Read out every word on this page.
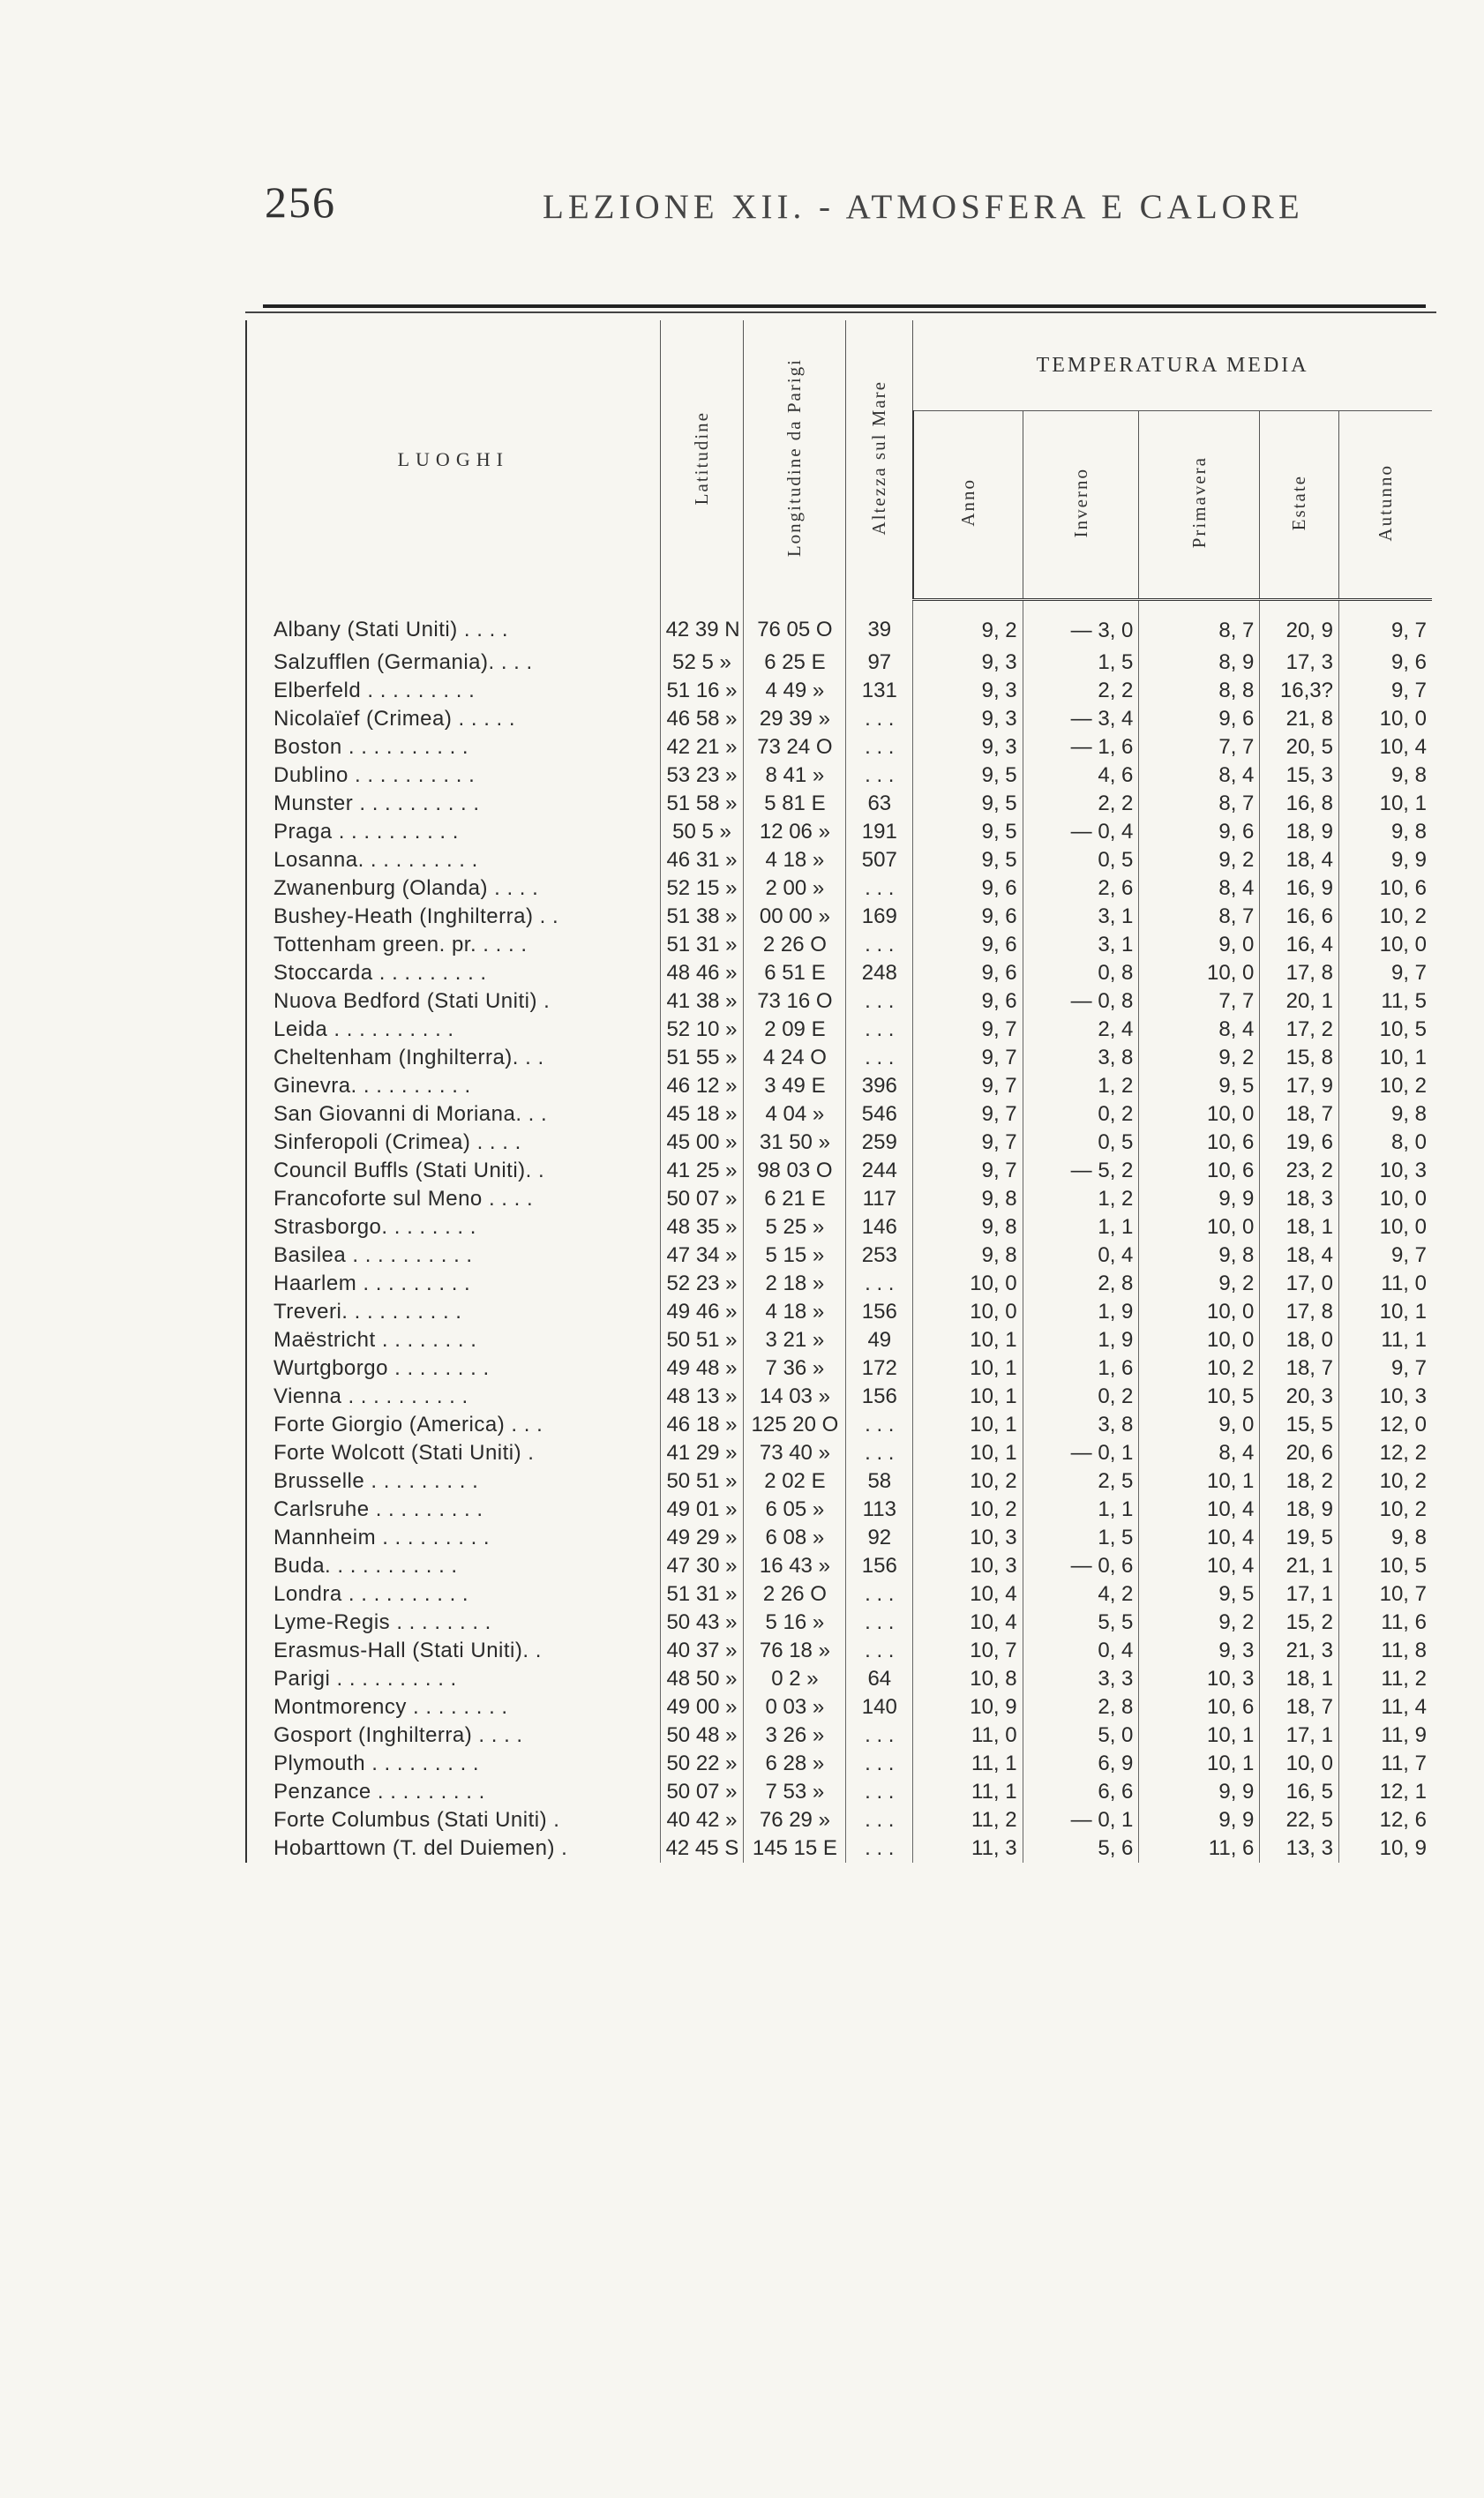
256	LEZIONE XII. - ATMOSFERA E CALORE
LUOGHI	Latitudine	Longitudine da Parigi	Altezza sul Mare	TEMPERATURA MEDIA				
				Anno	Inverno	Primavera	Estate	Autunno
Albany (Stati Uniti) . . . .	42 39 N	76 05 O	39	9, 2	— 3, 0	8, 7	20, 9	9, 7
Salzufflen (Germania). . . .	52 5 »	6 25 E	97	9, 3	1, 5	8, 9	17, 3	9, 6
Elberfeld . . . . . . . . .	51 16 »	4 49 »	131	9, 3	2, 2	8, 8	16,3?	9, 7
Nicolaïef (Crimea) . . . . .	46 58 »	29 39 »	. . .	9, 3	— 3, 4	9, 6	21, 8	10, 0
Boston . . . . . . . . . .	42 21 »	73 24 O	. . .	9, 3	— 1, 6	7, 7	20, 5	10, 4
Dublino . . . . . . . . . .	53 23 »	8 41 »	. . .	9, 5	4, 6	8, 4	15, 3	9, 8
Munster . . . . . . . . . .	51 58 »	5 81 E	63	9, 5	2, 2	8, 7	16, 8	10, 1
Praga . . . . . . . . . .	50 5 »	12 06 »	191	9, 5	— 0, 4	9, 6	18, 9	9, 8
Losanna. . . . . . . . . .	46 31 »	4 18 »	507	9, 5	0, 5	9, 2	18, 4	9, 9
Zwanenburg (Olanda) . . . .	52 15 »	2 00 »	. . .	9, 6	2, 6	8, 4	16, 9	10, 6
Bushey-Heath (Inghilterra) . .	51 38 »	00 00 »	169	9, 6	3, 1	8, 7	16, 6	10, 2
Tottenham green. pr. . . . .	51 31 »	2 26 O	. . .	9, 6	3, 1	9, 0	16, 4	10, 0
Stoccarda . . . . . . . . .	48 46 »	6 51 E	248	9, 6	0, 8	10, 0	17, 8	9, 7
Nuova Bedford (Stati Uniti) .	41 38 »	73 16 O	. . .	9, 6	— 0, 8	7, 7	20, 1	11, 5
Leida . . . . . . . . . .	52 10 »	2 09 E	. . .	9, 7	2, 4	8, 4	17, 2	10, 5
Cheltenham (Inghilterra). . .	51 55 »	4 24 O	. . .	9, 7	3, 8	9, 2	15, 8	10, 1
Ginevra. . . . . . . . . .	46 12 »	3 49 E	396	9, 7	1, 2	9, 5	17, 9	10, 2
San Giovanni di Moriana. . .	45 18 »	4 04 »	546	9, 7	0, 2	10, 0	18, 7	9, 8
Sinferopoli (Crimea) . . . .	45 00 »	31 50 »	259	9, 7	0, 5	10, 6	19, 6	8, 0
Council Buffls (Stati Uniti). .	41 25 »	98 03 O	244	9, 7	— 5, 2	10, 6	23, 2	10, 3
Francoforte sul Meno . . . .	50 07 »	6 21 E	117	9, 8	1, 2	9, 9	18, 3	10, 0
Strasborgo. . . . . . . .	48 35 »	5 25 »	146	9, 8	1, 1	10, 0	18, 1	10, 0
Basilea . . . . . . . . . .	47 34 »	5 15 »	253	9, 8	0, 4	9, 8	18, 4	9, 7
Haarlem . . . . . . . . .	52 23 »	2 18 »	. . .	10, 0	2, 8	9, 2	17, 0	11, 0
Treveri. . . . . . . . . .	49 46 »	4 18 »	156	10, 0	1, 9	10, 0	17, 8	10, 1
Maëstricht . . . . . . . .	50 51 »	3 21 »	49	10, 1	1, 9	10, 0	18, 0	11, 1
Wurtgborgo . . . . . . . .	49 48 »	7 36 »	172	10, 1	1, 6	10, 2	18, 7	9, 7
Vienna . . . . . . . . . .	48 13 »	14 03 »	156	10, 1	0, 2	10, 5	20, 3	10, 3
Forte Giorgio (America) . . .	46 18 »	125 20 O	. . .	10, 1	3, 8	9, 0	15, 5	12, 0
Forte Wolcott (Stati Uniti) .	41 29 »	73 40 »	. . .	10, 1	— 0, 1	8, 4	20, 6	12, 2
Brusselle . . . . . . . . .	50 51 »	2 02 E	58	10, 2	2, 5	10, 1	18, 2	10, 2
Carlsruhe . . . . . . . . .	49 01 »	6 05 »	113	10, 2	1, 1	10, 4	18, 9	10, 2
Mannheim . . . . . . . . .	49 29 »	6 08 »	92	10, 3	1, 5	10, 4	19, 5	9, 8
Buda. . . . . . . . . . .	47 30 »	16 43 »	156	10, 3	— 0, 6	10, 4	21, 1	10, 5
Londra . . . . . . . . . .	51 31 »	2 26 O	. . .	10, 4	4, 2	9, 5	17, 1	10, 7
Lyme-Regis . . . . . . . .	50 43 »	5 16 »	. . .	10, 4	5, 5	9, 2	15, 2	11, 6
Erasmus-Hall (Stati Uniti). .	40 37 »	76 18 »	. . .	10, 7	0, 4	9, 3	21, 3	11, 8
Parigi . . . . . . . . . .	48 50 »	0 2 »	64	10, 8	3, 3	10, 3	18, 1	11, 2
Montmorency . . . . . . . .	49 00 »	0 03 »	140	10, 9	2, 8	10, 6	18, 7	11, 4
Gosport (Inghilterra) . . . .	50 48 »	3 26 »	. . .	11, 0	5, 0	10, 1	17, 1	11, 9
Plymouth . . . . . . . . .	50 22 »	6 28 »	. . .	11, 1	6, 9	10, 1	10, 0	11, 7
Penzance . . . . . . . . .	50 07 »	7 53 »	. . .	11, 1	6, 6	9, 9	16, 5	12, 1
Forte Columbus (Stati Uniti) .	40 42 »	76 29 »	. . .	11, 2	— 0, 1	9, 9	22, 5	12, 6
Hobarttown (T. del Duiemen) .	42 45 S	145 15 E	. . .	11, 3	5, 6	11, 6	13, 3	10, 9
